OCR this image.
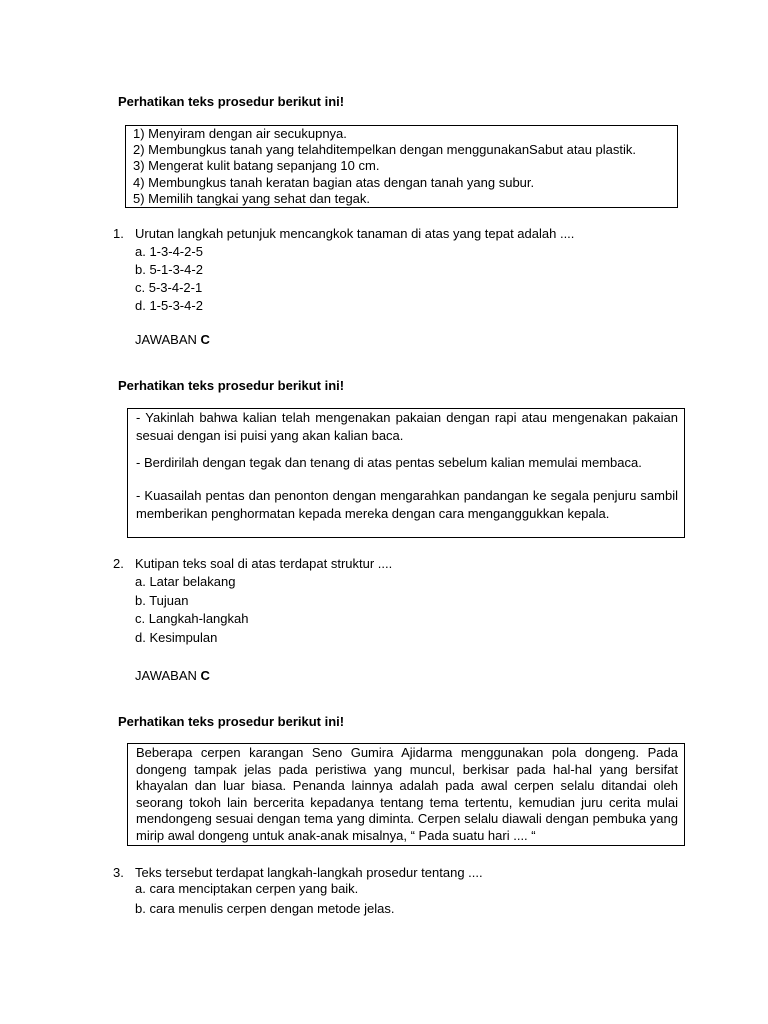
Perhatikan teks prosedur berikut ini!
1) Menyiram dengan air secukupnya.
2) Membungkus tanah yang telahditempelkan dengan menggunakanSabut atau plastik.
3) Mengerat kulit batang sepanjang 10 cm.
4) Membungkus tanah keratan bagian atas dengan tanah yang subur.
5) Memilih tangkai yang sehat dan tegak.
1. Urutan langkah petunjuk mencangkok tanaman di atas yang tepat adalah ....
a. 1-3-4-2-5
b. 5-1-3-4-2
c. 5-3-4-2-1
d. 1-5-3-4-2
JAWABAN C
Perhatikan teks prosedur berikut ini!
- Yakinlah bahwa kalian telah mengenakan pakaian dengan rapi atau mengenakan pakaian sesuai dengan isi puisi yang akan kalian baca.
- Berdirilah dengan tegak dan tenang di atas pentas sebelum kalian memulai membaca.
- Kuasailah pentas dan penonton dengan mengarahkan pandangan ke segala penjuru sambil memberikan penghormatan kepada mereka dengan cara menganggukkan kepala.
2. Kutipan teks soal di atas terdapat struktur ....
a. Latar belakang
b. Tujuan
c. Langkah-langkah
d. Kesimpulan
JAWABAN C
Perhatikan teks prosedur berikut ini!
Beberapa cerpen karangan Seno Gumira Ajidarma menggunakan pola dongeng. Pada dongeng tampak jelas pada peristiwa yang muncul, berkisar pada hal-hal yang bersifat khayalan dan luar biasa. Penanda lainnya adalah pada awal cerpen selalu ditandai oleh seorang tokoh lain bercerita kepadanya tentang tema tertentu, kemudian juru cerita mulai mendongeng sesuai dengan tema yang diminta. Cerpen selalu diawali dengan pembuka yang mirip awal dongeng untuk anak-anak misalnya, “ Pada suatu hari .... “
3. Teks tersebut terdapat langkah-langkah prosedur tentang ....
a. cara menciptakan cerpen yang baik.
b. cara menulis cerpen dengan metode jelas.
